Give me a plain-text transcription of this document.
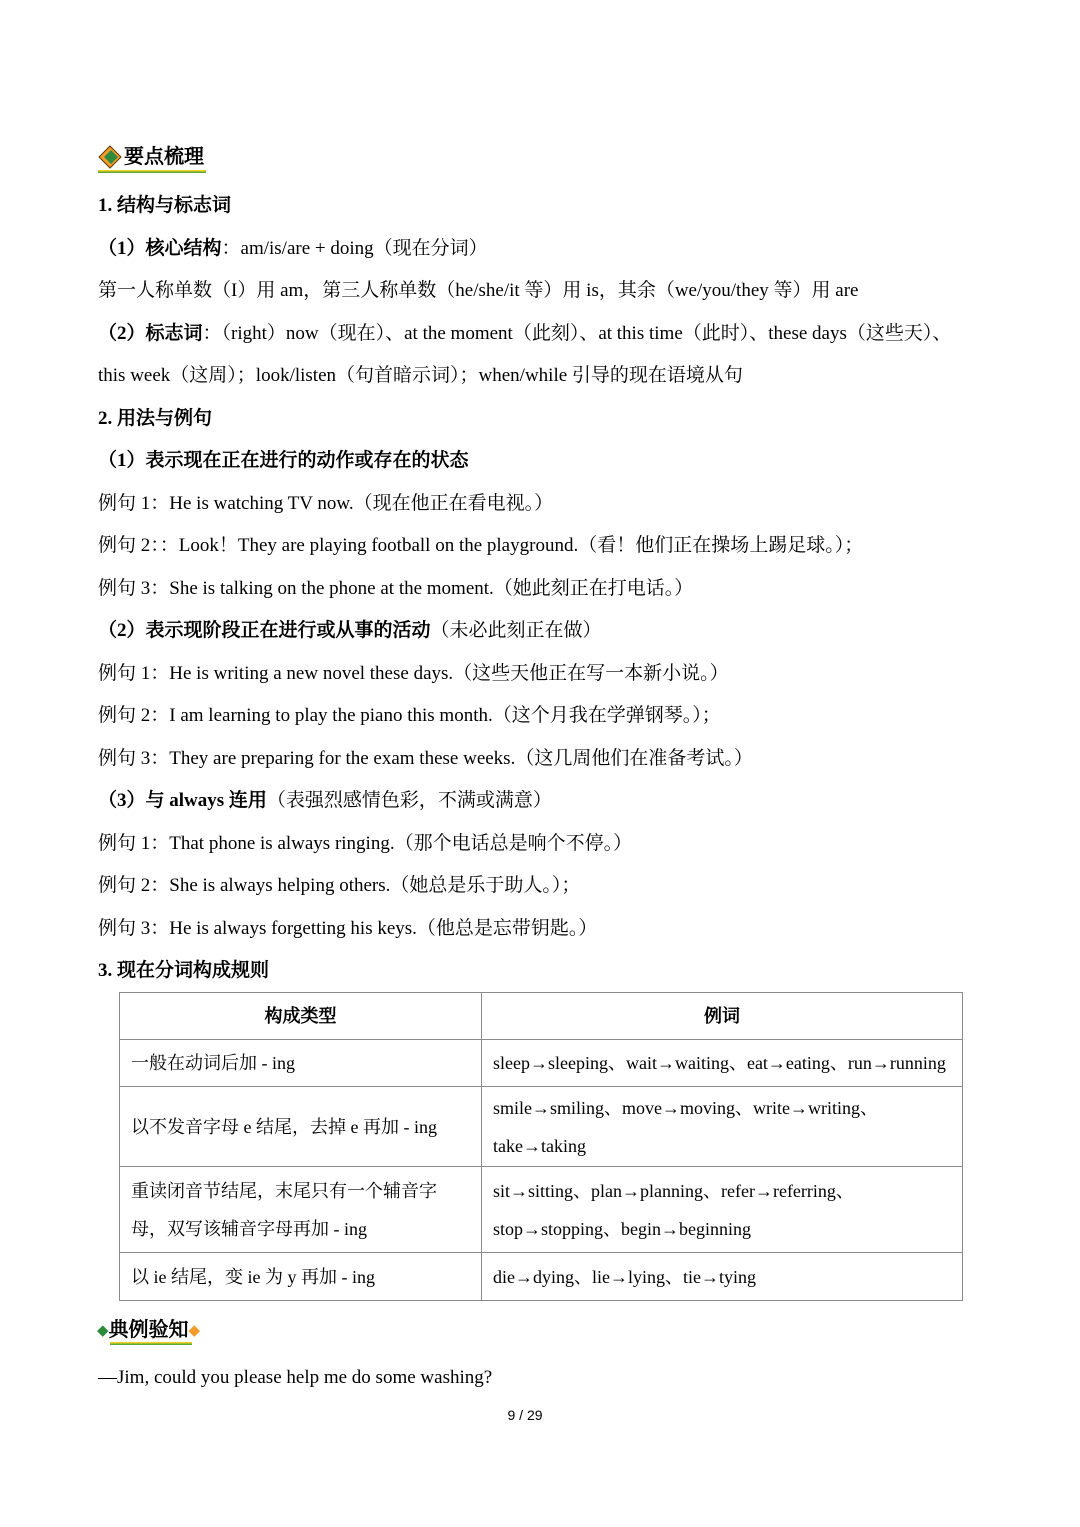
要点梳理
1. 结构与标志词
（1）核心结构：am/is/are + doing（现在分词）
第一人称单数（I）用 am，第三人称单数（he/she/it 等）用 is，其余（we/you/they 等）用 are
（2）标志词：（right）now（现在）、at the moment（此刻）、at this time（此时）、these days（这些天）、
this week（这周）；look/listen（句首暗示词）；when/while 引导的现在语境从句
2. 用法与例句
（1）表示现在正在进行的动作或存在的状态
例句 1：He is watching TV now.（现在他正在看电视。）
例句 2：：Look！They are playing football on the playground.（看！他们正在操场上踢足球。）；
例句 3：She is talking on the phone at the moment.（她此刻正在打电话。）
（2）表示现阶段正在进行或从事的活动（未必此刻正在做）
例句 1：He is writing a new novel these days.（这些天他正在写一本新小说。）
例句 2：I am learning to play the piano this month.（这个月我在学弹钢琴。）；
例句 3：They are preparing for the exam these weeks.（这几周他们在准备考试。）
（3）与 always 连用（表强烈感情色彩，不满或满意）
例句 1：That phone is always ringing.（那个电话总是响个不停。）
例句 2：She is always helping others.（她总是乐于助人。）；
例句 3：He is always forgetting his keys.（他总是忘带钥匙。）
3. 现在分词构成规则
构成类型	例词

一般在动词后加 - ing	sleep→sleeping、wait→waiting、eat→eating、run→running

以不发音字母 e 结尾，去掉 e 再加 - ing	smile→smiling、move→moving、write→writing、
take→taking

重读闭音节结尾，末尾只有一个辅音字
母，双写该辅音字母再加 - ing	sit→sitting、plan→planning、refer→referring、
stop→stopping、begin→beginning

以 ie 结尾，变 ie 为 y 再加 - ing	die→dying、lie→lying、tie→tying
◆ 典例验知 ◆
—Jim, could you please help me do some washing?
9 / 29
